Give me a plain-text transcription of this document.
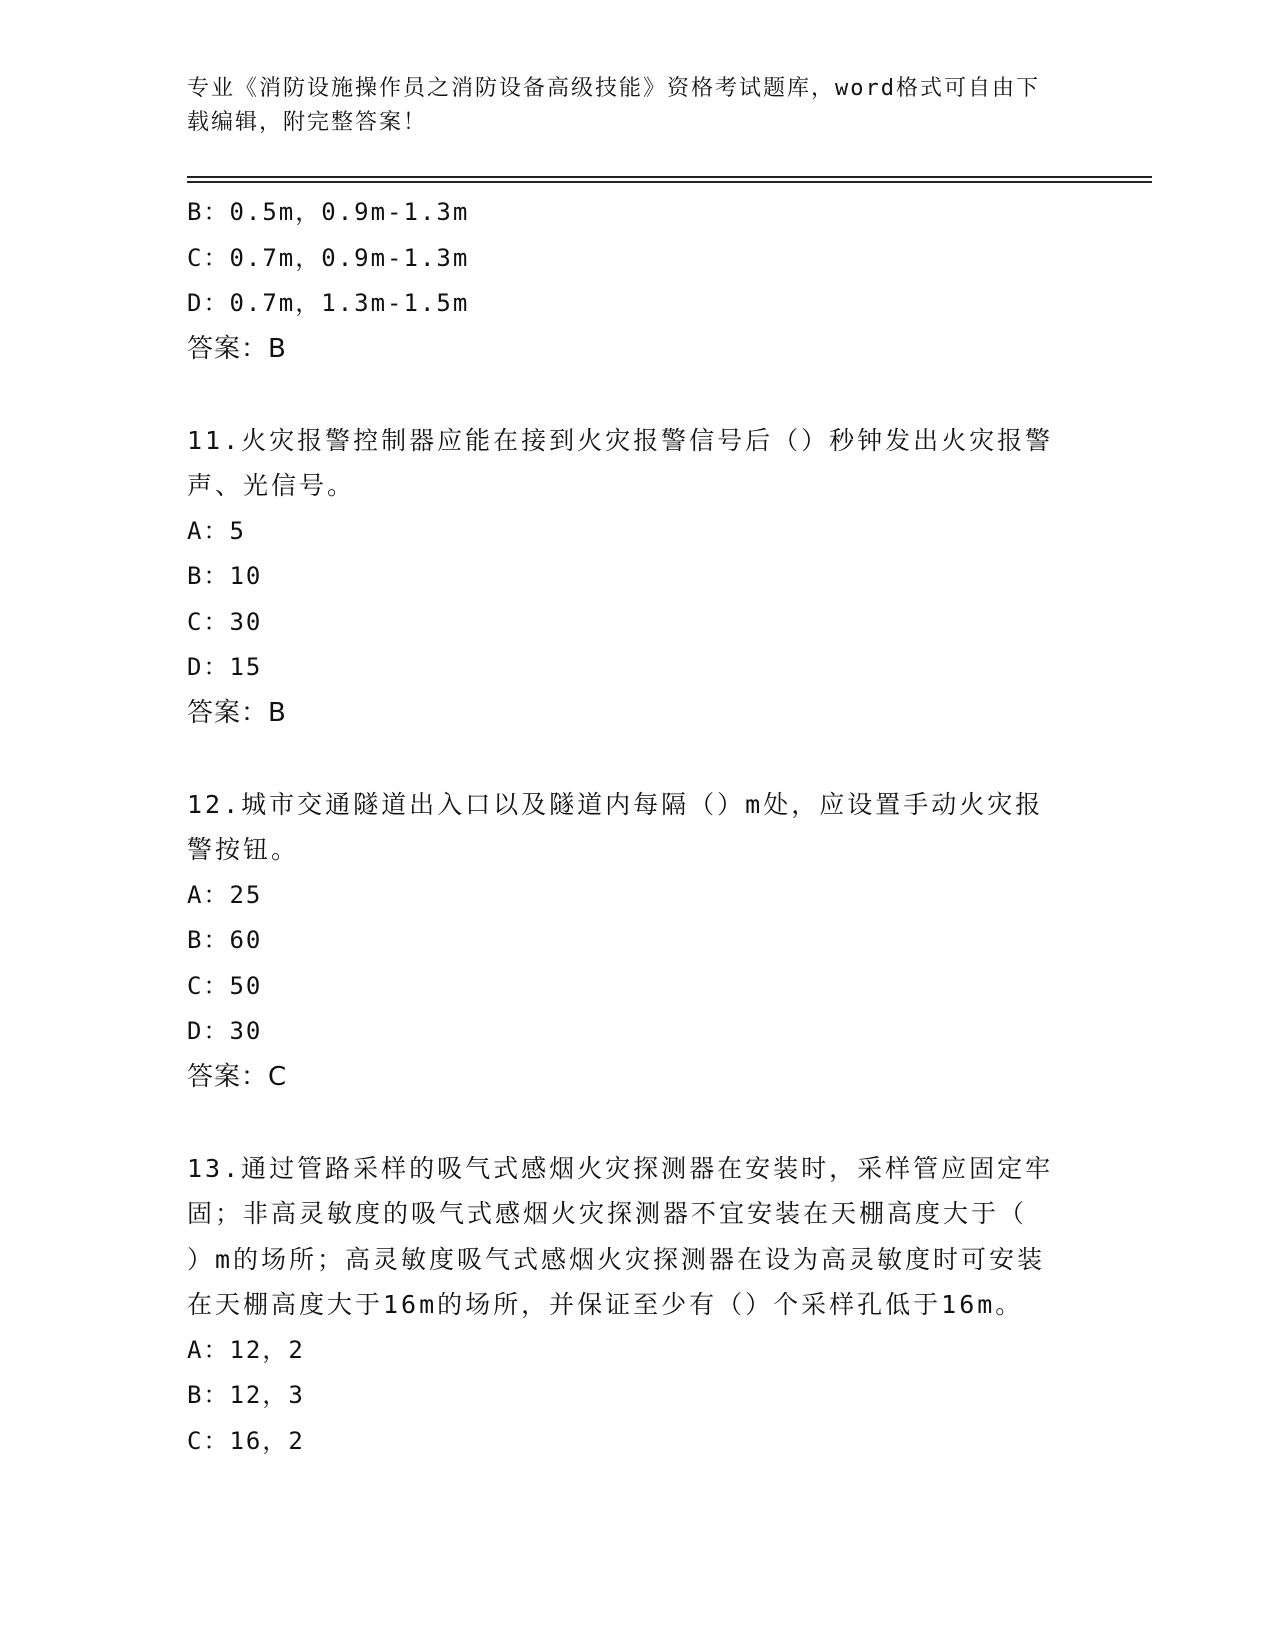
专业《消防设施操作员之消防设备高级技能》资格考试题库，word格式可自由下
载编辑，附完整答案！
B：0.5m，0.9m-1.3m
C：0.7m，0.9m-1.3m
D：0.7m，1.3m-1.5m
答案：B
11.火灾报警控制器应能在接到火灾报警信号后（）秒钟发出火灾报警
声、光信号。
A：5
B：10
C：30
D：15
答案：B
12.城市交通隧道出入口以及隧道内每隔（）m处，应设置手动火灾报
警按钮。
A：25
B：60
C：50
D：30
答案：C
13.通过管路采样的吸气式感烟火灾探测器在安装时，采样管应固定牢
固；非高灵敏度的吸气式感烟火灾探测器不宜安装在天棚高度大于（
）m的场所；高灵敏度吸气式感烟火灾探测器在设为高灵敏度时可安装
在天棚高度大于16m的场所，并保证至少有（）个采样孔低于16m。
A：12，2
B：12，3
C：16，2
